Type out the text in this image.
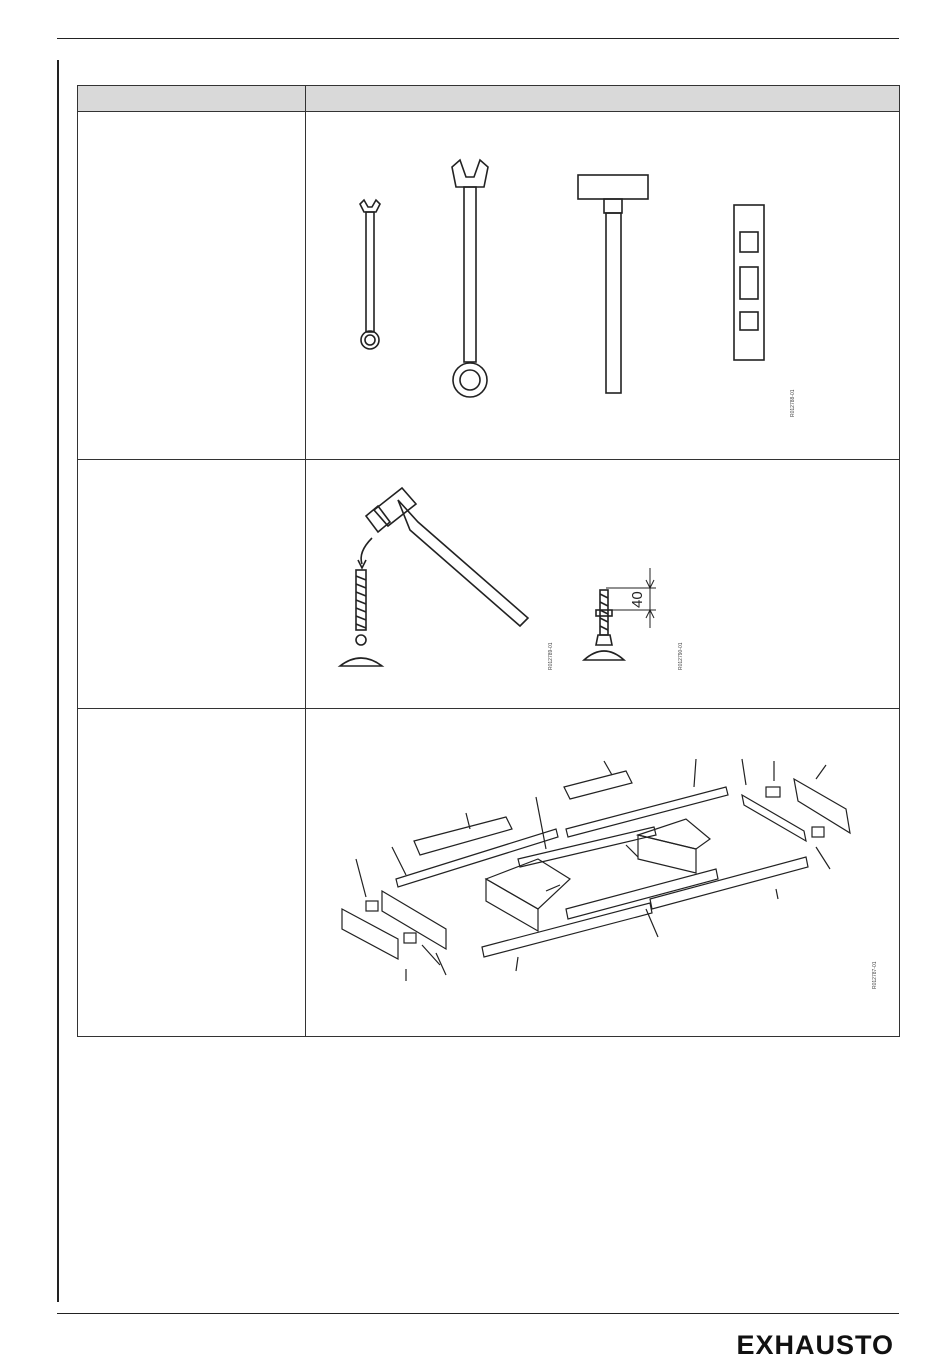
R012788-01

40
R012789-01 R012790-01

R012787-01
EXHAUSTO
